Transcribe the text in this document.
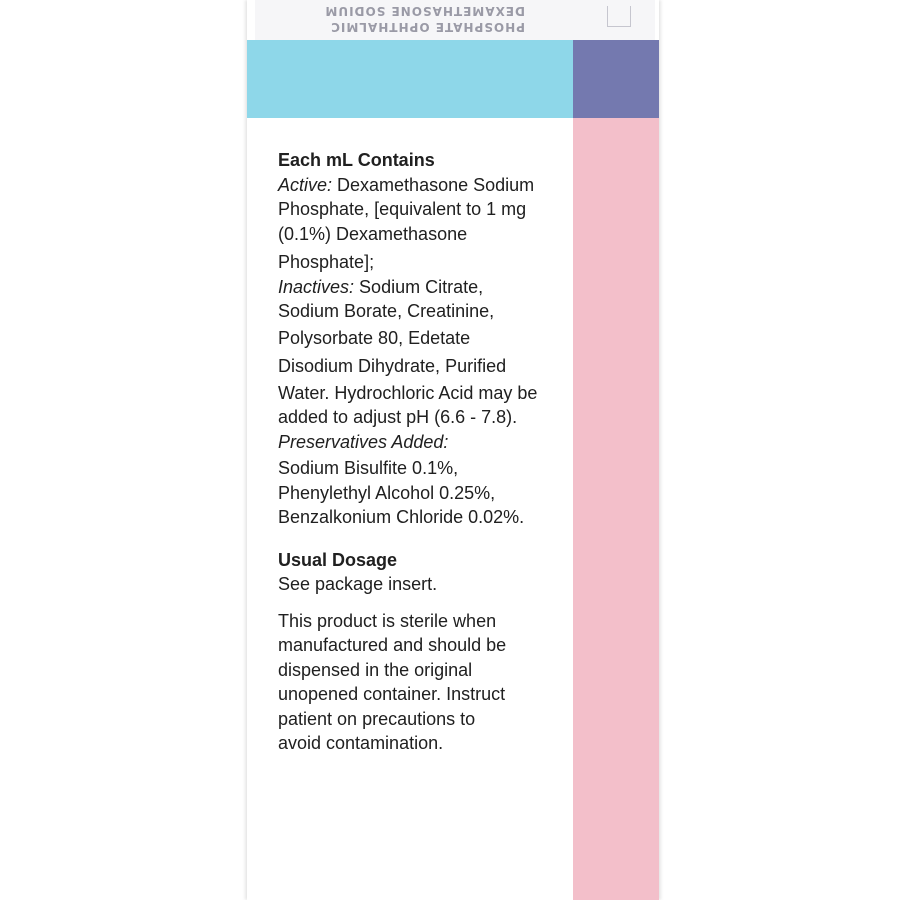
DEXAMETHASONE SODIUM
PHOSPHATE OPHTHALMIC
Each mL Contains
Active: Dexamethasone Sodium
Phosphate, [equivalent to 1 mg
(0.1%) Dexamethasone
Phosphate];
Inactives: Sodium Citrate,
Sodium Borate, Creatinine,
Polysorbate 80, Edetate
Disodium Dihydrate, Purified
Water. Hydrochloric Acid may be
added to adjust pH (6.6 - 7.8).
Preservatives Added:
Sodium Bisulfite 0.1%,
Phenylethyl Alcohol 0.25%,
Benzalkonium Chloride 0.02%.
Usual Dosage
See package insert.
This product is sterile when
manufactured and should be
dispensed in the original
unopened container. Instruct
patient on precautions to
avoid contamination.
